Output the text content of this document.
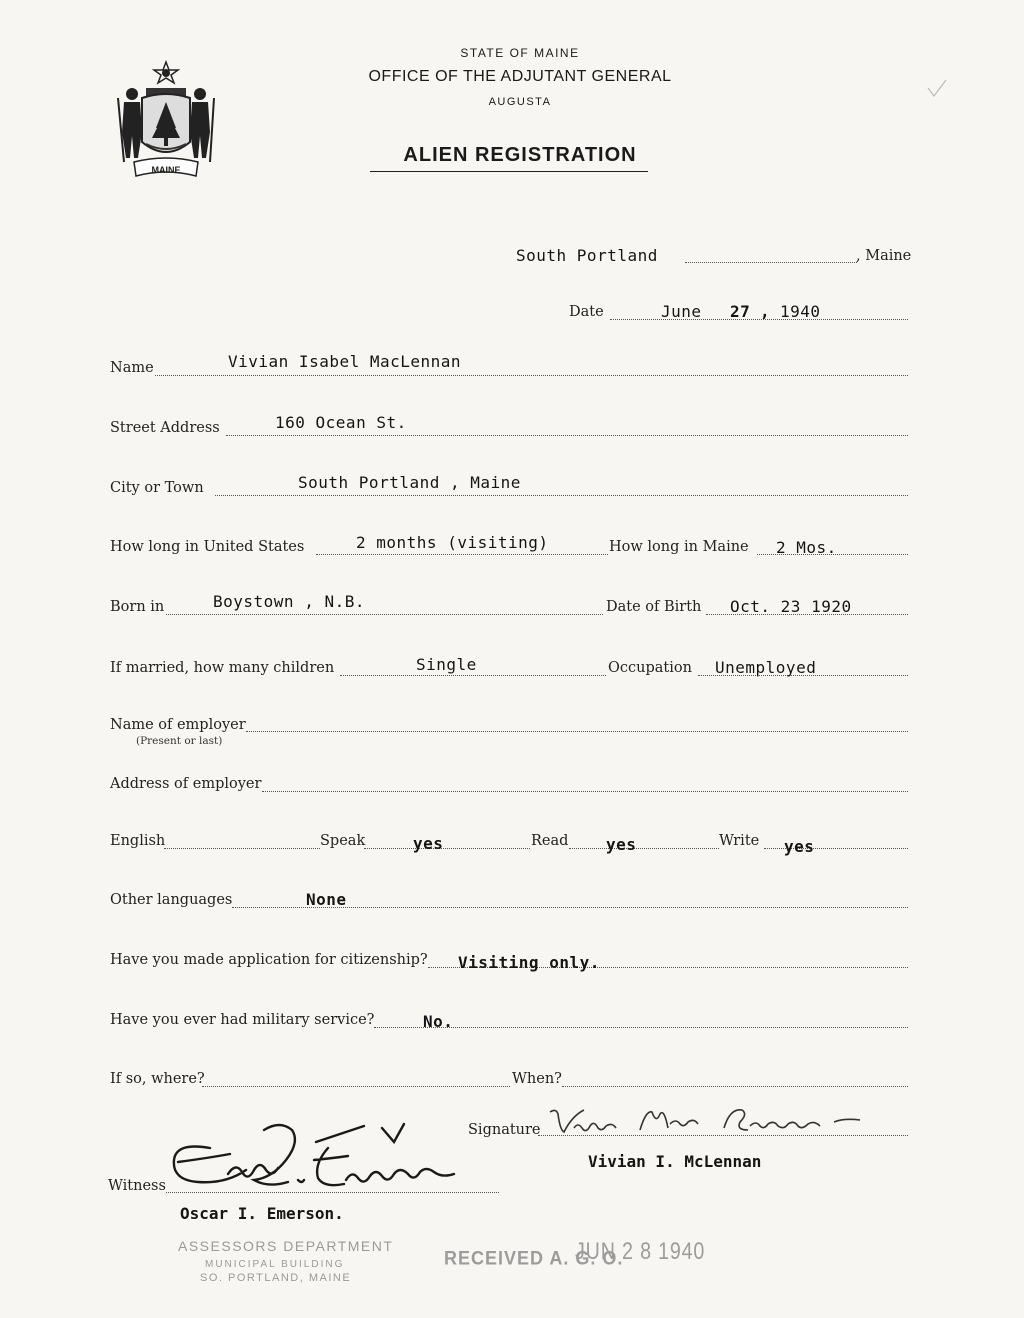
MAINE
STATE OF MAINE
OFFICE OF THE ADJUTANT GENERAL
AUGUSTA
ALIEN REGISTRATION
South Portland	, Maine
Date	June 27 , 1940
Name	Vivian Isabel MacLennan
Street Address	160 Ocean St.
City or Town	South Portland , Maine
How long in United States	2 months (visiting)	How long in Maine 2 Mos.
Born in	Boystown , N.B.	Date of Birth Oct. 23 1920
If married, how many children	Single	Occupation Unemployed
Name of employer
(Present or last)
Address of employer
English	Speak	yes	Read yes	Write yes
Other languages	None
Have you made application for citizenship? Visiting only.
Have you ever had military service?	No.
If so, where?	When?
Signature
Vivian I. McLennan
Witness
Oscar I. Emerson.
ASSESSORS DEPARTMENT
MUNICIPAL BUILDING
SO. PORTLAND, MAINE
RECEIVED A. G. O.
JUN 2 8 1940
